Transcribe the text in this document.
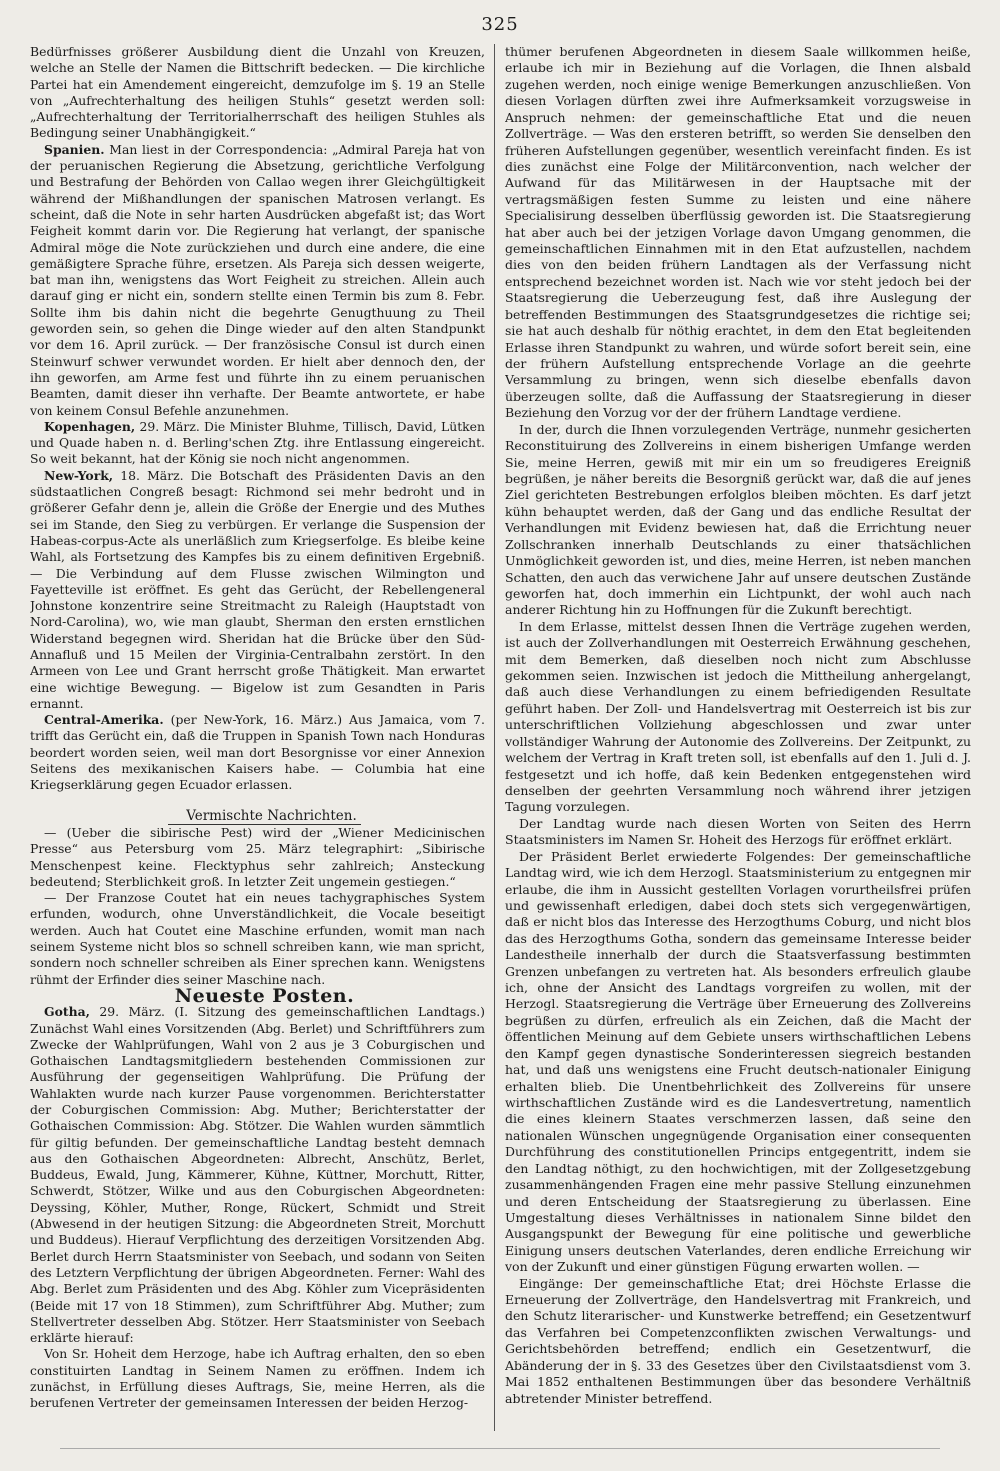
325

Bedürfnisses größerer Ausbildung dient die Unzahl von Kreuzen, welche an Stelle der Namen die Bittschrift bedecken. — Die kirchliche Partei hat ein Amendement eingereicht, demzufolge im §. 19 an Stelle von „Aufrechterhaltung des heiligen Stuhls“ gesetzt werden soll: „Aufrechterhaltung der Territorialherrschaft des heiligen Stuhles als Bedingung seiner Unabhängigkeit.“

Spanien. Man liest in der Correspondencia: „Admiral Pareja hat von der peruanischen Regierung die Absetzung, gerichtliche Verfolgung und Bestrafung der Behörden von Callao wegen ihrer Gleichgültigkeit während der Mißhandlungen der spanischen Matrosen verlangt. Es scheint, daß die Note in sehr harten Ausdrücken abgefaßt ist; das Wort Feigheit kommt darin vor. Die Regierung hat verlangt, der spanische Admiral möge die Note zurückziehen und durch eine andere, die eine gemäßigtere Sprache führe, ersetzen. Als Pareja sich dessen weigerte, bat man ihn, wenigstens das Wort Feigheit zu streichen. Allein auch darauf ging er nicht ein, sondern stellte einen Termin bis zum 8. Febr. Sollte ihm bis dahin nicht die begehrte Genugthuung zu Theil geworden sein, so gehen die Dinge wieder auf den alten Standpunkt vor dem 16. April zurück. — Der französische Consul ist durch einen Steinwurf schwer verwundet worden. Er hielt aber dennoch den, der ihn geworfen, am Arme fest und führte ihn zu einem peruanischen Beamten, damit dieser ihn verhafte. Der Beamte antwortete, er habe von keinem Consul Befehle anzunehmen.

Kopenhagen, 29. März. Die Minister Bluhme, Tillisch, David, Lütken und Quade haben n. d. Berling'schen Ztg. ihre Entlassung eingereicht. So weit bekannt, hat der König sie noch nicht angenommen.

New-York, 18. März. Die Botschaft des Präsidenten Davis an den südstaatlichen Congreß besagt: Richmond sei mehr bedroht und in größerer Gefahr denn je, allein die Größe der Energie und des Muthes sei im Stande, den Sieg zu verbürgen. Er verlange die Suspension der Habeas-corpus-Acte als unerläßlich zum Kriegserfolge. Es bleibe keine Wahl, als Fortsetzung des Kampfes bis zu einem definitiven Ergebniß. — Die Verbindung auf dem Flusse zwischen Wilmington und Fayetteville ist eröffnet. Es geht das Gerücht, der Rebellengeneral Johnstone konzentrire seine Streitmacht zu Raleigh (Hauptstadt von Nord-Carolina), wo, wie man glaubt, Sherman den ersten ernstlichen Widerstand begegnen wird. Sheridan hat die Brücke über den Süd-Annafluß und 15 Meilen der Virginia-Centralbahn zerstört. In den Armeen von Lee und Grant herrscht große Thätigkeit. Man erwartet eine wichtige Bewegung. — Bigelow ist zum Gesandten in Paris ernannt.

Central-Amerika. (per New-York, 16. März.) Aus Jamaica, vom 7. trifft das Gerücht ein, daß die Truppen in Spanish Town nach Honduras beordert worden seien, weil man dort Besorgnisse vor einer Annexion Seitens des mexikanischen Kaisers habe. — Columbia hat eine Kriegserklärung gegen Ecuador erlassen.

Vermischte Nachrichten.

— (Ueber die sibirische Pest) wird der „Wiener Medicinischen Presse“ aus Petersburg vom 25. März telegraphirt: „Sibirische Menschenpest keine. Flecktyphus sehr zahlreich; Ansteckung bedeutend; Sterblichkeit groß. In letzter Zeit ungemein gestiegen.“

— Der Franzose Coutet hat ein neues tachygraphisches System erfunden, wodurch, ohne Unverständlichkeit, die Vocale beseitigt werden. Auch hat Coutet eine Maschine erfunden, womit man nach seinem Systeme nicht blos so schnell schreiben kann, wie man spricht, sondern noch schneller schreiben als Einer sprechen kann. Wenigstens rühmt der Erfinder dies seiner Maschine nach.

Neueste Posten.

Gotha, 29. März. (I. Sitzung des gemeinschaftlichen Landtags.) Zunächst Wahl eines Vorsitzenden (Abg. Berlet) und Schriftführers zum Zwecke der Wahlprüfungen, Wahl von 2 aus je 3 Coburgischen und Gothaischen Landtagsmitgliedern bestehenden Commissionen zur Ausführung der gegenseitigen Wahlprüfung. Die Prüfung der Wahlakten wurde nach kurzer Pause vorgenommen. Berichterstatter der Coburgischen Commission: Abg. Muther; Berichterstatter der Gothaischen Commission: Abg. Stötzer. Die Wahlen wurden sämmtlich für giltig befunden. Der gemeinschaftliche Landtag besteht demnach aus den Gothaischen Abgeordneten: Albrecht, Anschütz, Berlet, Buddeus, Ewald, Jung, Kämmerer, Kühne, Küttner, Morchutt, Ritter, Schwerdt, Stötzer, Wilke und aus den Coburgischen Abgeordneten: Deyssing, Köhler, Muther, Ronge, Rückert, Schmidt und Streit (Abwesend in der heutigen Sitzung: die Abgeordneten Streit, Morchutt und Buddeus). Hierauf Verpflichtung des derzeitigen Vorsitzenden Abg. Berlet durch Herrn Staatsminister von Seebach, und sodann von Seiten des Letztern Verpflichtung der übrigen Abgeordneten. Ferner: Wahl des Abg. Berlet zum Präsidenten und des Abg. Köhler zum Vicepräsidenten (Beide mit 17 von 18 Stimmen), zum Schriftführer Abg. Muther; zum Stellvertreter desselben Abg. Stötzer. Herr Staatsminister von Seebach erklärte hierauf:

Von Sr. Hoheit dem Herzoge, habe ich Auftrag erhalten, den so eben constituirten Landtag in Seinem Namen zu eröffnen. Indem ich zunächst, in Erfüllung dieses Auftrags, Sie, meine Herren, als die berufenen Vertreter der gemeinsamen Interessen der beiden Herzog-

thümer berufenen Abgeordneten in diesem Saale willkommen heiße, erlaube ich mir in Beziehung auf die Vorlagen, die Ihnen alsbald zugehen werden, noch einige wenige Bemerkungen anzuschließen. Von diesen Vorlagen dürften zwei ihre Aufmerksamkeit vorzugsweise in Anspruch nehmen: der gemeinschaftliche Etat und die neuen Zollverträge. — Was den ersteren betrifft, so werden Sie denselben den früheren Aufstellungen gegenüber, wesentlich vereinfacht finden. Es ist dies zunächst eine Folge der Militärconvention, nach welcher der Aufwand für das Militärwesen in der Hauptsache mit der vertragsmäßigen festen Summe zu leisten und eine nähere Specialisirung desselben überflüssig geworden ist. Die Staatsregierung hat aber auch bei der jetzigen Vorlage davon Umgang genommen, die gemeinschaftlichen Einnahmen mit in den Etat aufzustellen, nachdem dies von den beiden frühern Landtagen als der Verfassung nicht entsprechend bezeichnet worden ist. Nach wie vor steht jedoch bei der Staatsregierung die Ueberzeugung fest, daß ihre Auslegung der betreffenden Bestimmungen des Staatsgrundgesetzes die richtige sei; sie hat auch deshalb für nöthig erachtet, in dem den Etat begleitenden Erlasse ihren Standpunkt zu wahren, und würde sofort bereit sein, eine der frühern Aufstellung entsprechende Vorlage an die geehrte Versammlung zu bringen, wenn sich dieselbe ebenfalls davon überzeugen sollte, daß die Auffassung der Staatsregierung in dieser Beziehung den Vorzug vor der der frühern Landtage verdiene.

In der, durch die Ihnen vorzulegenden Verträge, nunmehr gesicherten Reconstituirung des Zollvereins in einem bisherigen Umfange werden Sie, meine Herren, gewiß mit mir ein um so freudigeres Ereigniß begrüßen, je näher bereits die Besorgniß gerückt war, daß die auf jenes Ziel gerichteten Bestrebungen erfolglos bleiben möchten. Es darf jetzt kühn behauptet werden, daß der Gang und das endliche Resultat der Verhandlungen mit Evidenz bewiesen hat, daß die Errichtung neuer Zollschranken innerhalb Deutschlands zu einer thatsächlichen Unmöglichkeit geworden ist, und dies, meine Herren, ist neben manchen Schatten, den auch das verwichene Jahr auf unsere deutschen Zustände geworfen hat, doch immerhin ein Lichtpunkt, der wohl auch nach anderer Richtung hin zu Hoffnungen für die Zukunft berechtigt.

In dem Erlasse, mittelst dessen Ihnen die Verträge zugehen werden, ist auch der Zollverhandlungen mit Oesterreich Erwähnung geschehen, mit dem Bemerken, daß dieselben noch nicht zum Abschlusse gekommen seien. Inzwischen ist jedoch die Mittheilung anhergelangt, daß auch diese Verhandlungen zu einem befriedigenden Resultate geführt haben. Der Zoll- und Handelsvertrag mit Oesterreich ist bis zur unterschriftlichen Vollziehung abgeschlossen und zwar unter vollständiger Wahrung der Autonomie des Zollvereins. Der Zeitpunkt, zu welchem der Vertrag in Kraft treten soll, ist ebenfalls auf den 1. Juli d. J. festgesetzt und ich hoffe, daß kein Bedenken entgegenstehen wird denselben der geehrten Versammlung noch während ihrer jetzigen Tagung vorzulegen.

Der Landtag wurde nach diesen Worten von Seiten des Herrn Staatsministers im Namen Sr. Hoheit des Herzogs für eröffnet erklärt.

Der Präsident Berlet erwiederte Folgendes: Der gemeinschaftliche Landtag wird, wie ich dem Herzogl. Staatsministerium zu entgegnen mir erlaube, die ihm in Aussicht gestellten Vorlagen vorurtheilsfrei prüfen und gewissenhaft erledigen, dabei doch stets sich vergegenwärtigen, daß er nicht blos das Interesse des Herzogthums Coburg, und nicht blos das des Herzogthums Gotha, sondern das gemeinsame Interesse beider Landestheile innerhalb der durch die Staatsverfassung bestimmten Grenzen unbefangen zu vertreten hat. Als besonders erfreulich glaube ich, ohne der Ansicht des Landtags vorgreifen zu wollen, mit der Herzogl. Staatsregierung die Verträge über Erneuerung des Zollvereins begrüßen zu dürfen, erfreulich als ein Zeichen, daß die Macht der öffentlichen Meinung auf dem Gebiete unsers wirthschaftlichen Lebens den Kampf gegen dynastische Sonderinteressen siegreich bestanden hat, und daß uns wenigstens eine Frucht deutsch-nationaler Einigung erhalten blieb. Die Unentbehrlichkeit des Zollvereins für unsere wirthschaftlichen Zustände wird es die Landesvertretung, namentlich die eines kleinern Staates verschmerzen lassen, daß seine den nationalen Wünschen ungegnügende Organisation einer consequenten Durchführung des constitutionellen Princips entgegentritt, indem sie den Landtag nöthigt, zu den hochwichtigen, mit der Zollgesetzgebung zusammenhängenden Fragen eine mehr passive Stellung einzunehmen und deren Entscheidung der Staatsregierung zu überlassen. Eine Umgestaltung dieses Verhältnisses in nationalem Sinne bildet den Ausgangspunkt der Bewegung für eine politische und gewerbliche Einigung unsers deutschen Vaterlandes, deren endliche Erreichung wir von der Zukunft und einer günstigen Fügung erwarten wollen. —

Eingänge: Der gemeinschaftliche Etat; drei Höchste Erlasse die Erneuerung der Zollverträge, den Handelsvertrag mit Frankreich, und den Schutz literarischer- und Kunstwerke betreffend; ein Gesetzentwurf das Verfahren bei Competenzconflikten zwischen Verwaltungs- und Gerichtsbehörden betreffend; endlich ein Gesetzentwurf, die Abänderung der in §. 33 des Gesetzes über den Civilstaatsdienst vom 3. Mai 1852 enthaltenen Bestimmungen über das besondere Verhältniß abtretender Minister betreffend.
